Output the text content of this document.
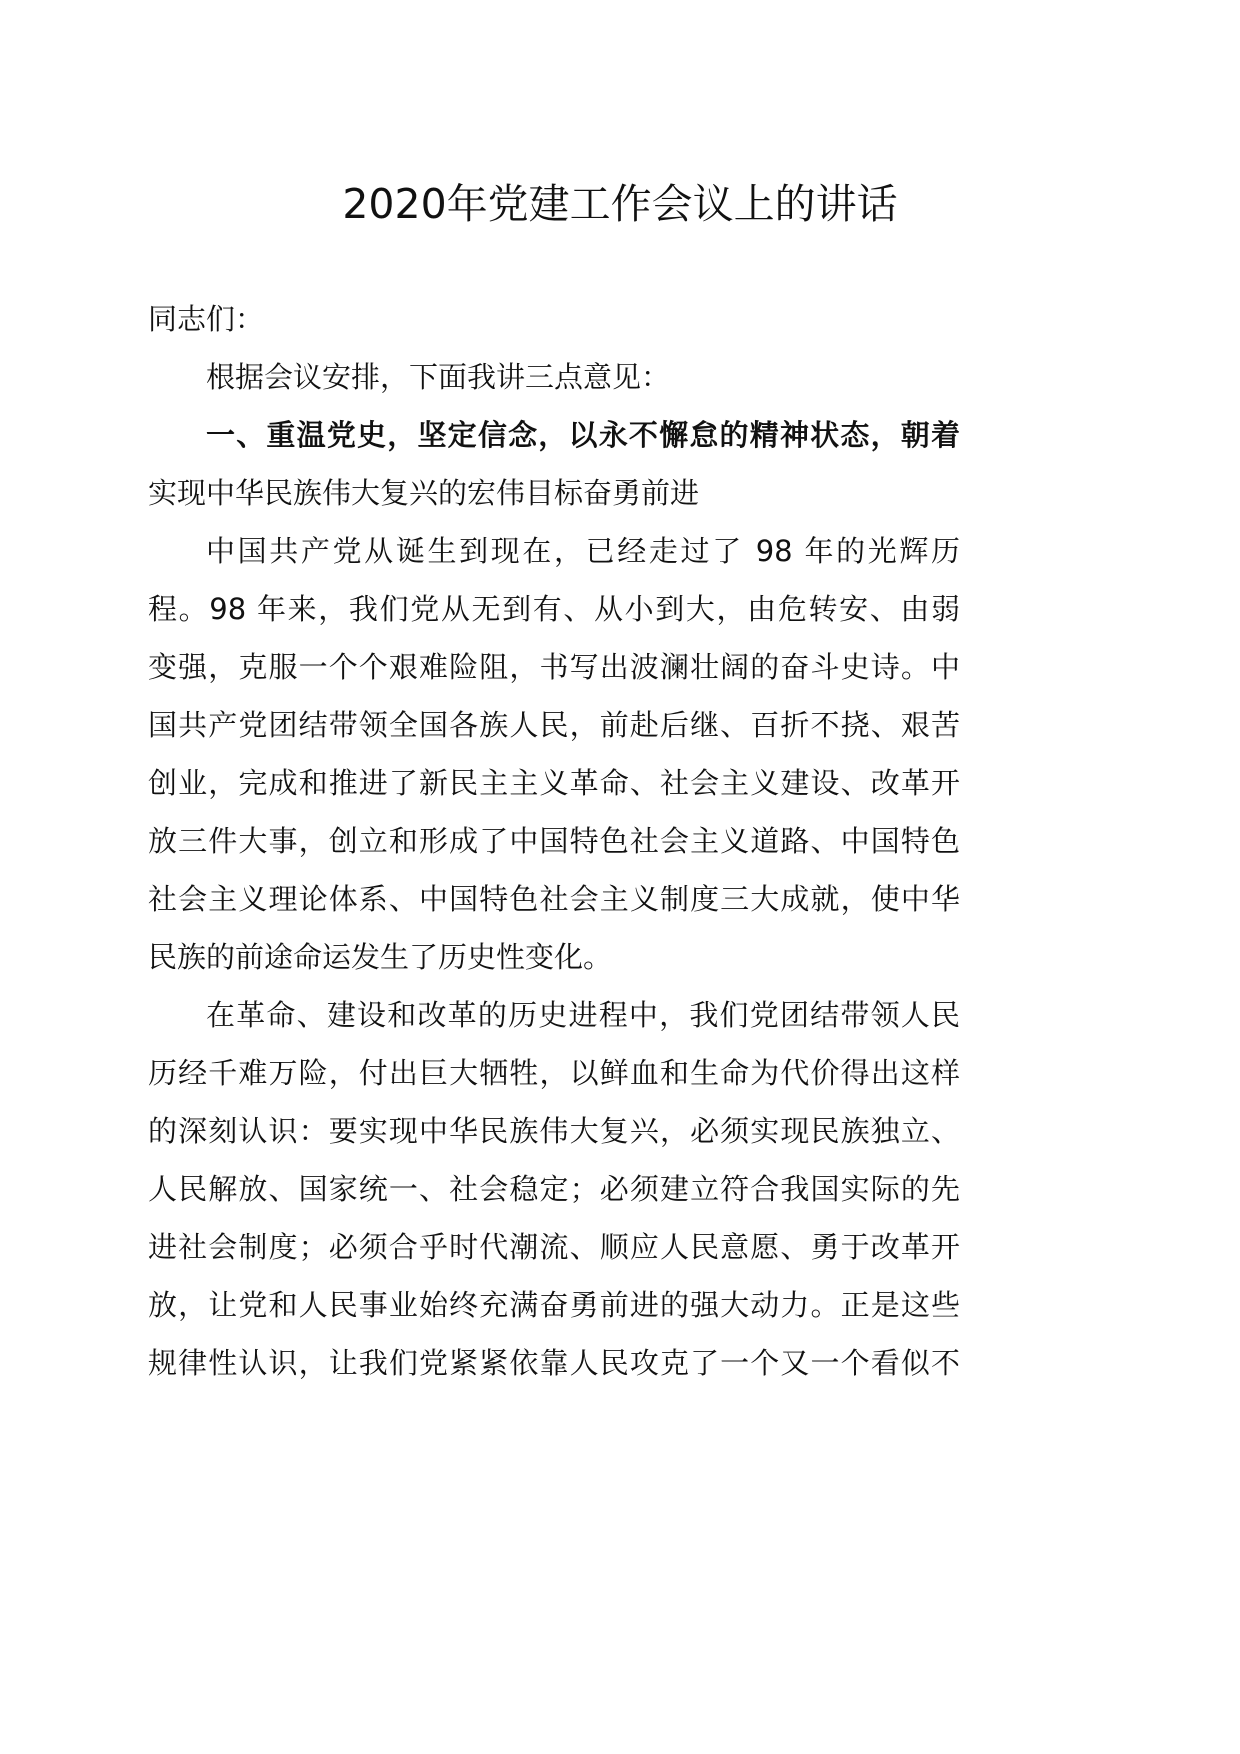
2020年党建工作会议上的讲话
同志们：
根据会议安排，下面我讲三点意见：
一、重温党史，坚定信念，以永不懈怠的精神状态，朝着
实现中华民族伟大复兴的宏伟目标奋勇前进
中国共产党从诞生到现在，已经走过了 98 年的光辉历
程。98 年来，我们党从无到有、从小到大，由危转安、由弱
变强，克服一个个艰难险阻，书写出波澜壮阔的奋斗史诗。中
国共产党团结带领全国各族人民，前赴后继、百折不挠、艰苦
创业，完成和推进了新民主主义革命、社会主义建设、改革开
放三件大事，创立和形成了中国特色社会主义道路、中国特色
社会主义理论体系、中国特色社会主义制度三大成就，使中华
民族的前途命运发生了历史性变化。
在革命、建设和改革的历史进程中，我们党团结带领人民
历经千难万险，付出巨大牺牲，以鲜血和生命为代价得出这样
的深刻认识：要实现中华民族伟大复兴，必须实现民族独立、
人民解放、国家统一、社会稳定；必须建立符合我国实际的先
进社会制度；必须合乎时代潮流、顺应人民意愿、勇于改革开
放，让党和人民事业始终充满奋勇前进的强大动力。正是这些
规律性认识，让我们党紧紧依靠人民攻克了一个又一个看似不
